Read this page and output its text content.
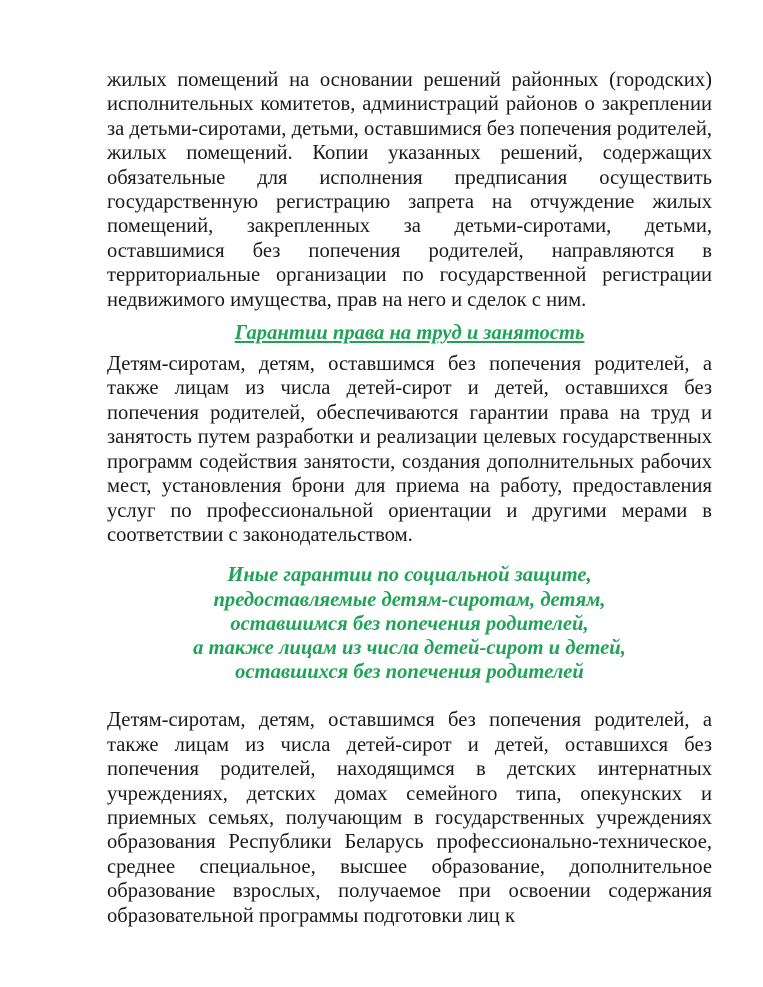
жилых помещений на основании решений районных (городских) исполнительных комитетов, администраций районов о закреплении за детьми-сиротами, детьми, оставшимися без попечения родителей, жилых помещений. Копии указанных решений, содержащих обязательные для исполнения предписания осуществить государственную регистрацию запрета на отчуждение жилых помещений, закрепленных за детьми-сиротами, детьми, оставшимися без попечения родителей, направляются в территориальные организации по государственной регистрации недвижимого имущества, прав на него и сделок с ним.

Гарантии права на труд и занятость

Детям-сиротам, детям, оставшимся без попечения родителей, а также лицам из числа детей-сирот и детей, оставшихся без попечения родителей, обеспечиваются гарантии права на труд и занятость путем разработки и реализации целевых государственных программ содействия занятости, создания дополнительных рабочих мест, установления брони для приема на работу, предоставления услуг по профессиональной ориентации и другими мерами в соответствии с законодательством.

Иные гарантии по социальной защите,
предоставляемые детям-сиротам, детям,
оставшимся без попечения родителей,
а также лицам из числа детей-сирот и детей,
оставшихся без попечения родителей

Детям-сиротам, детям, оставшимся без попечения родителей, а также лицам из числа детей-сирот и детей, оставшихся без попечения родителей, находящимся в детских интернатных учреждениях, детских домах семейного типа, опекунских и приемных семьях, получающим в государственных учреждениях образования Республики Беларусь профессионально-техническое, среднее специальное, высшее образование, дополнительное образование взрослых, получаемое при освоении содержания образовательной программы подготовки лиц к
